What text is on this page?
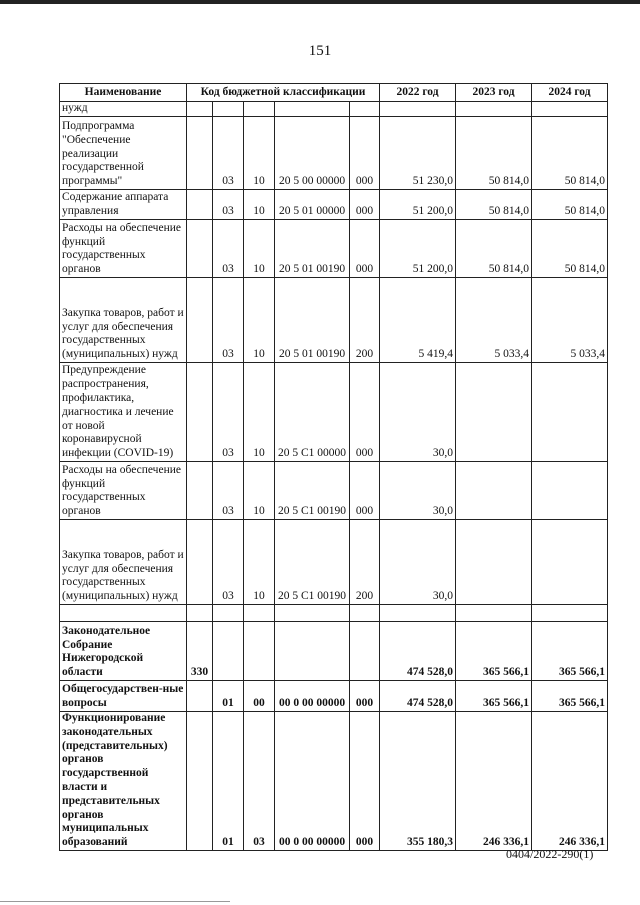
151
Наименование	Код бюджетной классификации					2022 год	2023 год	2024 год
нужд								
Подпрограмма "Обеспечение реализации государственной программы"		03	10	20 5 00 00000	000	51 230,0	50 814,0	50 814,0
Содержание аппарата управления		03	10	20 5 01 00000	000	51 200,0	50 814,0	50 814,0
Расходы на обеспечение функций государственных органов		03	10	20 5 01 00190	000	51 200,0	50 814,0	50 814,0
Закупка товаров, работ и услуг для обеспечения государственных (муниципальных) нужд		03	10	20 5 01 00190	200	5 419,4	5 033,4	5 033,4
Предупреждение распространения, профилактика, диагностика и лечение от новой коронавирусной инфекции (COVID-19)		03	10	20 5 C1 00000	000	30,0		
Расходы на обеспечение функций государственных органов		03	10	20 5 C1 00190	000	30,0		
Закупка товаров, работ и услуг для обеспечения государственных (муниципальных) нужд		03	10	20 5 C1 00190	200	30,0		

Законодательное Собрание Нижегородской области	330					474 528,0	365 566,1	365 566,1
Общегосударствен-ные вопросы		01	00	00 0 00 00000	000	474 528,0	365 566,1	365 566,1
Функционирование законодательных (представительных) органов государственной власти и представительных органов муниципальных образований		01	03	00 0 00 00000	000	355 180,3	246 336,1	246 336,1
0404/2022-290(1)
